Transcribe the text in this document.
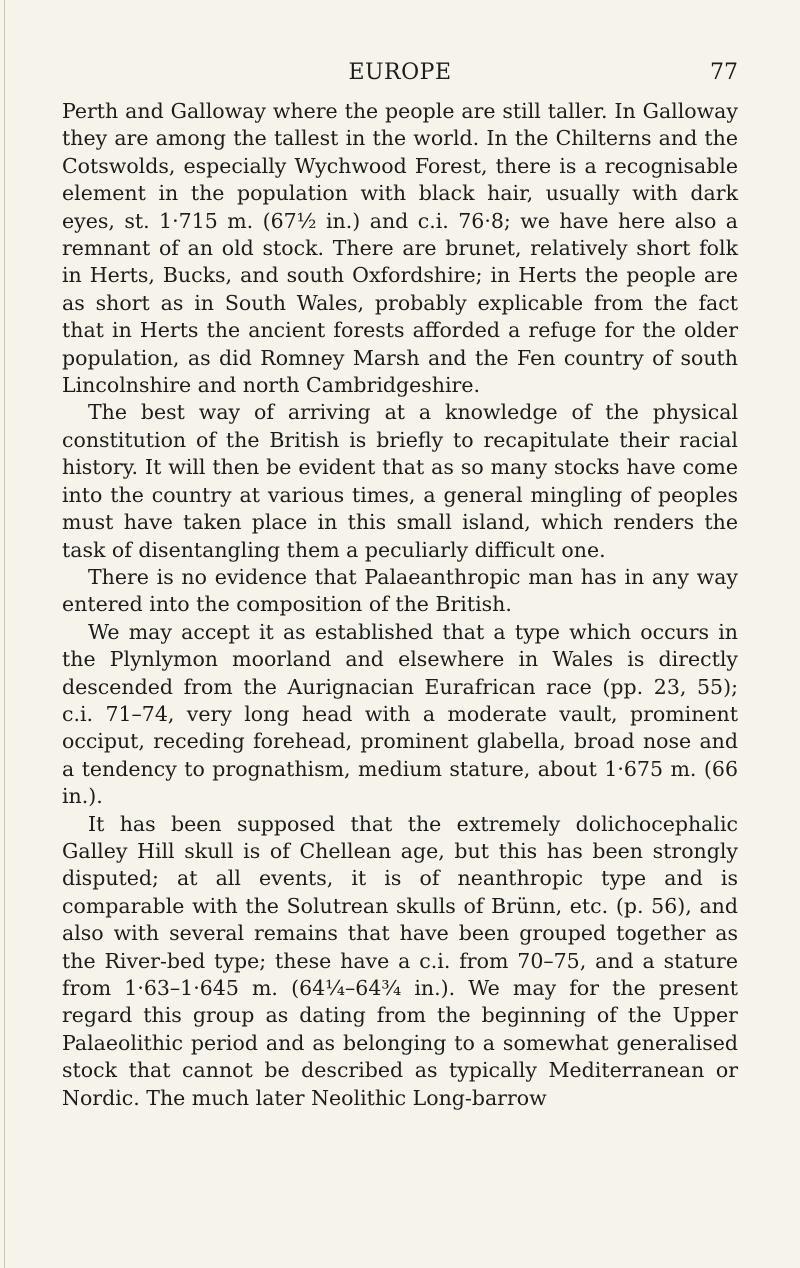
EUROPE	77

Perth and Galloway where the people are still taller. In Galloway they are among the tallest in the world. In the Chilterns and the Cotswolds, especially Wychwood Forest, there is a recognisable element in the population with black hair, usually with dark eyes, st. 1·715 m. (67½ in.) and c.i. 76·8; we have here also a remnant of an old stock. There are brunet, relatively short folk in Herts, Bucks, and south Oxfordshire; in Herts the people are as short as in South Wales, probably explicable from the fact that in Herts the ancient forests afforded a refuge for the older population, as did Romney Marsh and the Fen country of south Lincolnshire and north Cambridgeshire.

The best way of arriving at a knowledge of the physical constitution of the British is briefly to recapitulate their racial history. It will then be evident that as so many stocks have come into the country at various times, a general mingling of peoples must have taken place in this small island, which renders the task of disentangling them a peculiarly difficult one.

There is no evidence that Palaeanthropic man has in any way entered into the composition of the British.

We may accept it as established that a type which occurs in the Plynlymon moorland and elsewhere in Wales is directly descended from the Aurignacian Eurafrican race (pp. 23, 55); c.i. 71–74, very long head with a moderate vault, prominent occiput, receding forehead, prominent glabella, broad nose and a tendency to prognathism, medium stature, about 1·675 m. (66 in.).

It has been supposed that the extremely dolichocephalic Galley Hill skull is of Chellean age, but this has been strongly disputed; at all events, it is of neanthropic type and is comparable with the Solutrean skulls of Brünn, etc. (p. 56), and also with several remains that have been grouped together as the River-bed type; these have a c.i. from 70–75, and a stature from 1·63–1·645 m. (64¼–64¾ in.). We may for the present regard this group as dating from the beginning of the Upper Palaeolithic period and as belonging to a somewhat generalised stock that cannot be described as typically Mediterranean or Nordic. The much later Neolithic Long-barrow
